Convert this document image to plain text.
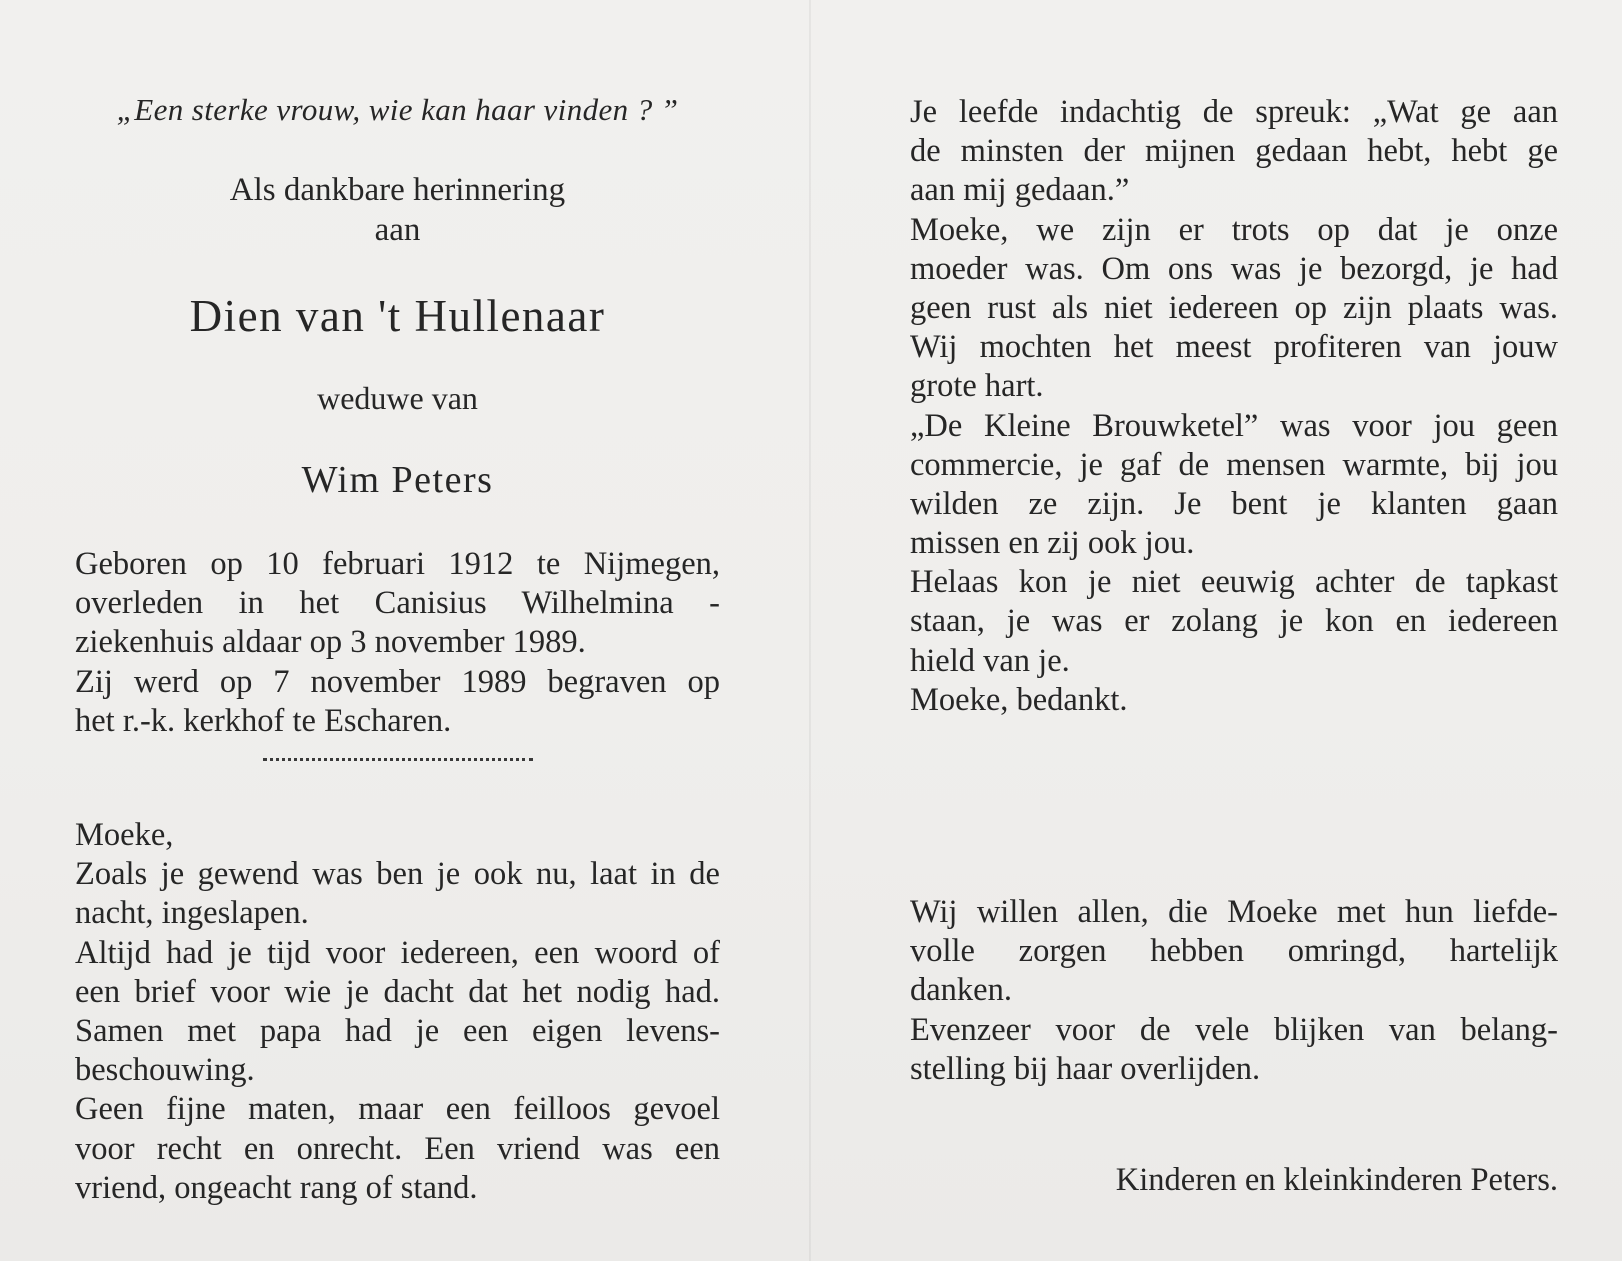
„Een sterke vrouw, wie kan haar vinden ? ”
Als dankbare herinnering
aan
Dien van 't Hullenaar
weduwe van
Wim Peters
Geboren op 10 februari 1912 te Nijmegen,
overleden in het Canisius Wilhelmina -
ziekenhuis aldaar op 3 november 1989.
Zij werd op 7 november 1989 begraven op
het r.-k. kerkhof te Escharen.
Moeke,
Zoals je gewend was ben je ook nu, laat in de
nacht, ingeslapen.
Altijd had je tijd voor iedereen, een woord of
een brief voor wie je dacht dat het nodig had.
Samen met papa had je een eigen levens-
beschouwing.
Geen fijne maten, maar een feilloos gevoel
voor recht en onrecht. Een vriend was een
vriend, ongeacht rang of stand.
Je leefde indachtig de spreuk: „Wat ge aan
de minsten der mijnen gedaan hebt, hebt ge
aan mij gedaan.”
Moeke, we zijn er trots op dat je onze
moeder was. Om ons was je bezorgd, je had
geen rust als niet iedereen op zijn plaats was.
Wij mochten het meest profiteren van jouw
grote hart.
„De Kleine Brouwketel” was voor jou geen
commercie, je gaf de mensen warmte, bij jou
wilden ze zijn. Je bent je klanten gaan
missen en zij ook jou.
Helaas kon je niet eeuwig achter de tapkast
staan, je was er zolang je kon en iedereen
hield van je.
Moeke, bedankt.
Wij willen allen, die Moeke met hun liefde-
volle zorgen hebben omringd, hartelijk
danken.
Evenzeer voor de vele blijken van belang-
stelling bij haar overlijden.
Kinderen en kleinkinderen Peters.
